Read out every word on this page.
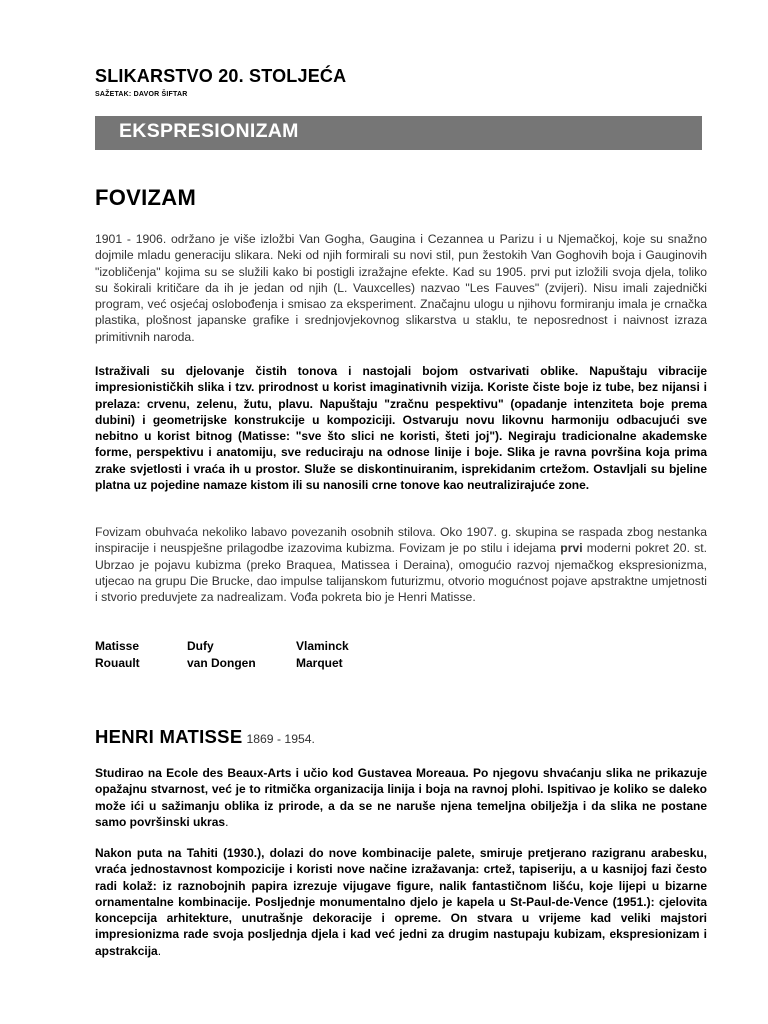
SLIKARSTVO 20. STOLJEĆA
SAŽETAK: DAVOR ŠIFTAR
EKSPRESIONIZAM
FOVIZAM

1901 - 1906. održano je više izložbi Van Gogha, Gaugina i Cezannea u Parizu i u Njemačkoj, koje su snažno dojmile mladu generaciju slikara. Neki od njih formirali su novi stil, pun žestokih Van Goghovih boja i Gauginovih "izobličenja" kojima su se služili kako bi postigli izražajne efekte. Kad su 1905. prvi put izložili svoja djela, toliko su šokirali kritičare da ih je jedan od njih (L. Vauxcelles) nazvao "Les Fauves" (zvijeri). Nisu imali zajednički program, već osjećaj oslobođenja i smisao za eksperiment. Značajnu ulogu u njihovu formiranju imala je crnačka plastika, plošnost japanske grafike i srednjovjekovnog slikarstva u staklu, te neposrednost i naivnost izraza primitivnih naroda.

Istraživali su djelovanje čistih tonova i nastojali bojom ostvarivati oblike. Napuštaju vibracije impresionističkih slika i tzv. prirodnost u korist imaginativnih vizija. Koriste čiste boje iz tube, bez nijansi i prelaza: crvenu, zelenu, žutu, plavu. Napuštaju "zračnu pespektivu" (opadanje intenziteta boje prema dubini) i geometrijske konstrukcije u kompoziciji. Ostvaruju novu likovnu harmoniju odbacujući sve nebitno u korist bitnog (Matisse: "sve što slici ne koristi, šteti joj"). Negiraju tradicionalne akademske forme, perspektivu i anatomiju, sve reduciraju na odnose linije i boje. Slika je ravna površina koja prima zrake svjetlosti i vraća ih u prostor. Služe se diskontinuiranim, isprekidanim crtežom. Ostavljali su bjeline platna uz pojedine namaze kistom ili su nanosili crne tonove kao neutralizirajuće zone.

Fovizam obuhvaća nekoliko labavo povezanih osobnih stilova. Oko 1907. g. skupina se raspada zbog nestanka inspiracije i neuspješne prilagodbe izazovima kubizma. Fovizam je po stilu i idejama prvi moderni pokret 20. st. Ubrzao je pojavu kubizma (preko Braquea, Matissea i Deraina), omogućio razvoj njemačkog ekspresionizma, utjecao na grupu Die Brucke, dao impulse talijanskom futurizmu, otvorio mogućnost pojave apstraktne umjetnosti i stvorio preduvjete za nadrealizam. Vođa pokreta bio je Henri Matisse.

Matisse	Dufy	Vlaminck
Rouault	van Dongen	Marquet
HENRI MATISSE 1869 - 1954.

Studirao na Ecole des Beaux-Arts i učio kod Gustavea Moreaua. Po njegovu shvaćanju slika ne prikazuje opažajnu stvarnost, već je to ritmička organizacija linija i boja na ravnoj plohi. Ispitivao je koliko se daleko može ići u sažimanju oblika iz prirode, a da se ne naruše njena temeljna obilježja i da slika ne postane samo površinski ukras.

Nakon puta na Tahiti (1930.), dolazi do nove kombinacije palete, smiruje pretjerano razigranu arabesku, vraća jednostavnost kompozicije i koristi nove načine izražavanja: crtež, tapiseriju, a u kasnijoj fazi često radi kolaž: iz raznobojnih papira izrezuje vijugave figure, nalik fantastičnom lišću, koje lijepi u bizarne ornamentalne kombinacije. Posljednje monumentalno djelo je kapela u St-Paul-de-Vence (1951.): cjelovita koncepcija arhitekture, unutrašnje dekoracije i opreme. On stvara u vrijeme kad veliki majstori impresionizma rade svoja posljednja djela i kad već jedni za drugim nastupaju kubizam, ekspresionizam i apstrakcija.
